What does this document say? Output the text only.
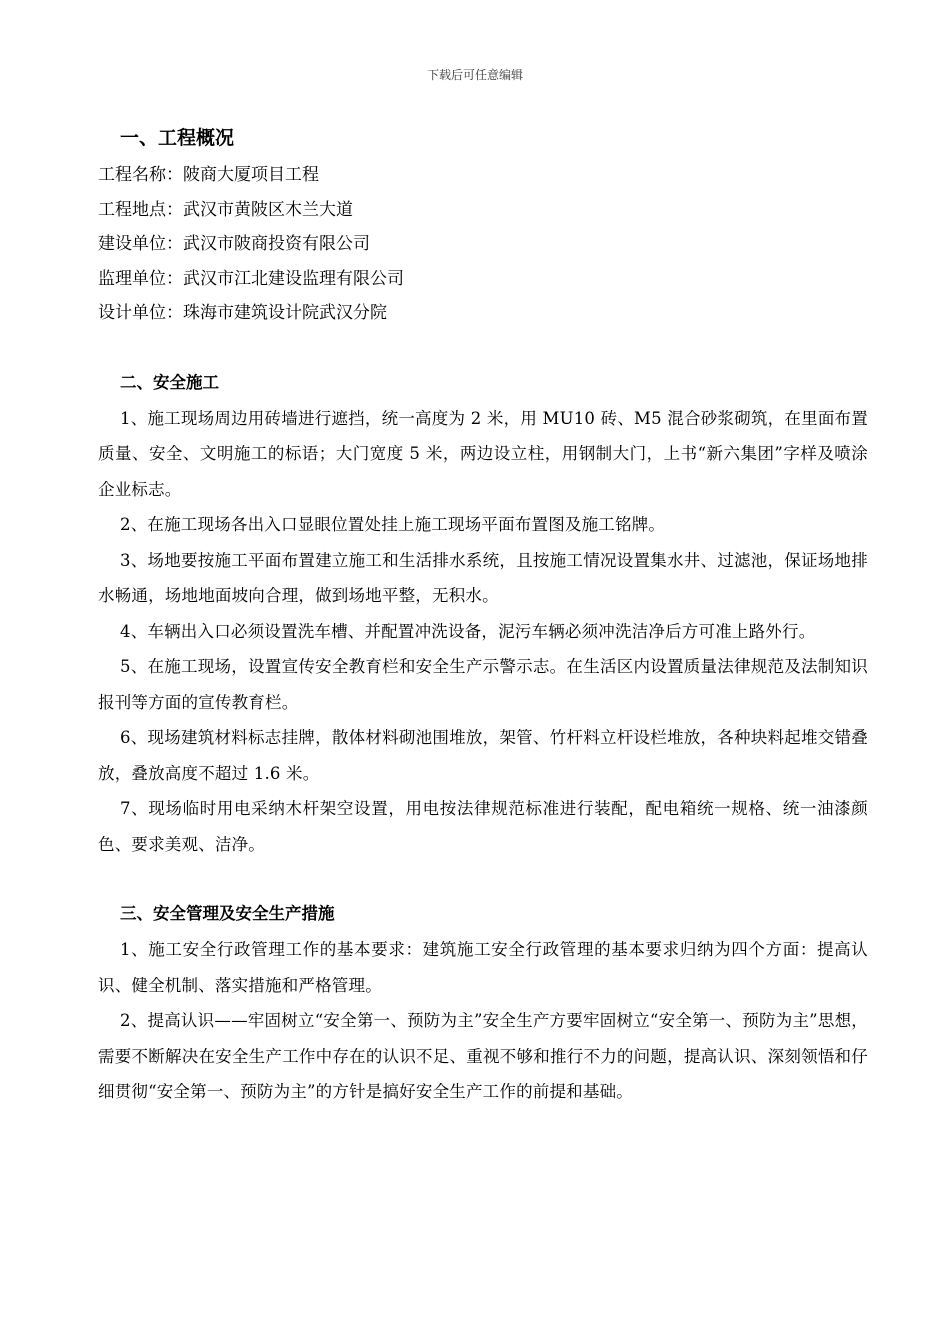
下载后可任意编辑
一、工程概况
工程名称：陂商大厦项目工程
工程地点：武汉市黄陂区木兰大道
建设单位：武汉市陂商投资有限公司
监理单位：武汉市江北建设监理有限公司
设计单位：珠海市建筑设计院武汉分院
二、安全施工

1、施工现场周边用砖墙进行遮挡，统一高度为 2 米，用 MU10 砖、M5 混合砂浆砌筑，在里面布置质量、安全、文明施工的标语；大门宽度 5 米，两边设立柱，用钢制大门，上书“新六集团”字样及喷涂企业标志。

2、在施工现场各出入口显眼位置处挂上施工现场平面布置图及施工铭牌。

3、场地要按施工平面布置建立施工和生活排水系统，且按施工情况设置集水井、过滤池，保证场地排水畅通，场地地面坡向合理，做到场地平整，无积水。

4、车辆出入口必须设置洗车槽、并配置冲洗设备，泥污车辆必须冲洗洁净后方可准上路外行。

5、在施工现场，设置宣传安全教育栏和安全生产示警示志。在生活区内设置质量法律规范及法制知识报刊等方面的宣传教育栏。

6、现场建筑材料标志挂牌，散体材料砌池围堆放，架管、竹杆料立杆设栏堆放，各种块料起堆交错叠放，叠放高度不超过 1.6 米。

7、现场临时用电采纳木杆架空设置，用电按法律规范标准进行装配，配电箱统一规格、统一油漆颜色、要求美观、洁净。

三、安全管理及安全生产措施

1、施工安全行政管理工作的基本要求：建筑施工安全行政管理的基本要求归纳为四个方面：提高认识、健全机制、落实措施和严格管理。

2、提高认识——牢固树立“安全第一、预防为主”安全生产方要牢固树立“安全第一、预防为主”思想，需要不断解决在安全生产工作中存在的认识不足、重视不够和推行不力的问题，提高认识、深刻领悟和仔细贯彻“安全第一、预防为主”的方针是搞好安全生产工作的前提和基础。
